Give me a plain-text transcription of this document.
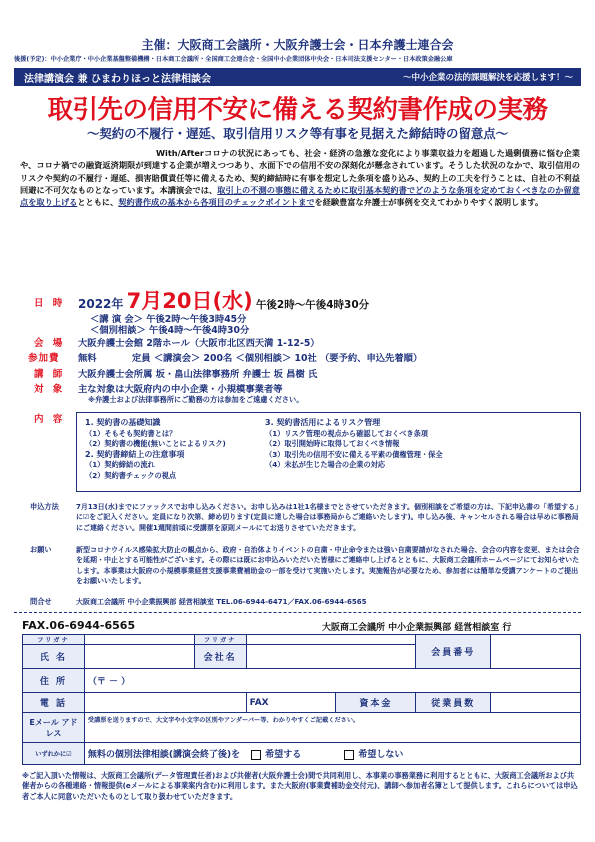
主催：大阪商工会議所・大阪弁護士会・日本弁護士連合会
後援(予定)：中小企業庁・中小企業基盤整備機構・日本商工会議所・全国商工会連合会・全国中小企業団体中央会・日本司法支援センター・日本政策金融公庫
法律講演会 兼 ひまわりほっと法律相談会	～中小企業の法的課題解決を応援します！～
取引先の信用不安に備える契約書作成の実務
～契約の不履行・遅延、取引信用リスク等有事を見据えた締結時の留意点～
With/Afterコロナの状況にあっても、社会・経済の急激な変化により事業収益力を超過した過剰債務に悩む企業や、コロナ禍での融資返済期限が到達する企業が増えつつあり、水面下での信用不安の深刻化が懸念されています。そうした状況のなかで、取引信用のリスクや契約の不履行・遅延、損害賠償責任等に備えるため、契約締結時に有事を想定した条項を盛り込み、契約上の工夫を行うことは、自社の不利益回避に不可欠なものとなっています。本講演会では、取引上の不測の事態に備えるために取引基本契約書でどのような条項を定めておくべきなのか留意点を取り上げるとともに、契約書作成の基本から各項目のチェックポイントまでを経験豊富な弁護士が事例を交えてわかりやすく説明します。
日 時 2022年 7月20日(水) 午後2時～午後4時30分
＜講 演 会＞ 午後2時～午後3時45分
＜個別相談＞ 午後4時～午後4時30分
会 場 大阪弁護士会館 2階ホール（大阪市北区西天満 1-12-5）
参加費 無料	定員 ＜講演会＞ 200名 ＜個別相談＞ 10社 （要予約、申込先着順）
講 師 大阪弁護士会所属 坂・畠山法律事務所 弁護士 坂 昌樹 氏
対 象 主な対象は大阪府内の中小企業・小規模事業者等
※弁護士および法律事務所にご勤務の方は参加をご遠慮ください。
内 容 1. 契約書の基礎知識
（1）そもそも契約書とは？
（2）契約書の機能(無いことによるリスク)
2. 契約書締結上の注意事項
（1）契約締結の流れ
（2）契約書チェックの視点
3. 契約書活用によるリスク管理
（1）リスク管理の視点から確認しておくべき条項
（2）取引開始時に取得しておくべき情報
（3）取引先の信用不安に備える平素の債権管理・保全
（4）未払が生じた場合の企業の対応
申込方法 7月13日(水)までにファックスでお申し込みください。お申し込みは1社1名様までとさせていただきます。個別相談をご希望の方は、下記申込書の「希望する」に☑をご記入ください。定員になり次第、締め切ります(定員に達した場合は事務局からご連絡いたします)。申し込み後、キャンセルされる場合は早めに事務局にご連絡ください。開催1週間前頃に受講票を原則メールにてお送りさせていただきます。
お願い	新型コロナウイルス感染拡大防止の観点から、政府・自治体よりイベントの自粛・中止命令または強い自粛要請がなされた場合、会合の内容を変更、または会合を延期・中止とする可能性がございます。その際には既にお申込みいただいた皆様にご連絡申し上げるとともに、大阪商工会議所ホームページにてお知らせいたします。本事業は大阪府の小規模事業経営支援事業費補助金の一部を受けて実施いたします。実施報告が必要なため、参加者には簡単な受講アンケートのご提出をお願いいたします。
問合せ	大阪商工会議所 中小企業振興部 経営相談室 TEL.06-6944-6471／FAX.06-6944-6565
FAX.06-6944-6565	大阪商工会議所 中小企業振興部 経営相談室 行
フリガナ		フリガナ			会員番号	
氏 名		会社名				
住 所	（〒 － ）					
電 話			FAX	資本金	従業員数	
Eメール アドレス	受講票を送りますので、大文字や小文字の区別やアンダーバー等、わかりやすくご記載ください。					
いずれかに☑	無料の個別法律相談(講演会終了後)を 希望する 希望しない					
※ご記入頂いた情報は、大阪商工会議所(データ管理責任者)および共催者(大阪弁護士会)間で共同利用し、本事業の事務業務に利用するとともに、大阪商工会議所および共催者からの各種連絡・情報提供(eメールによる事業案内含む)に利用します。また大阪府(事業費補助金交付元)、講師へ参加者名簿として提供します。これらについては申込者ご本人に同意いただいたものとして取り扱わせていただきます。
